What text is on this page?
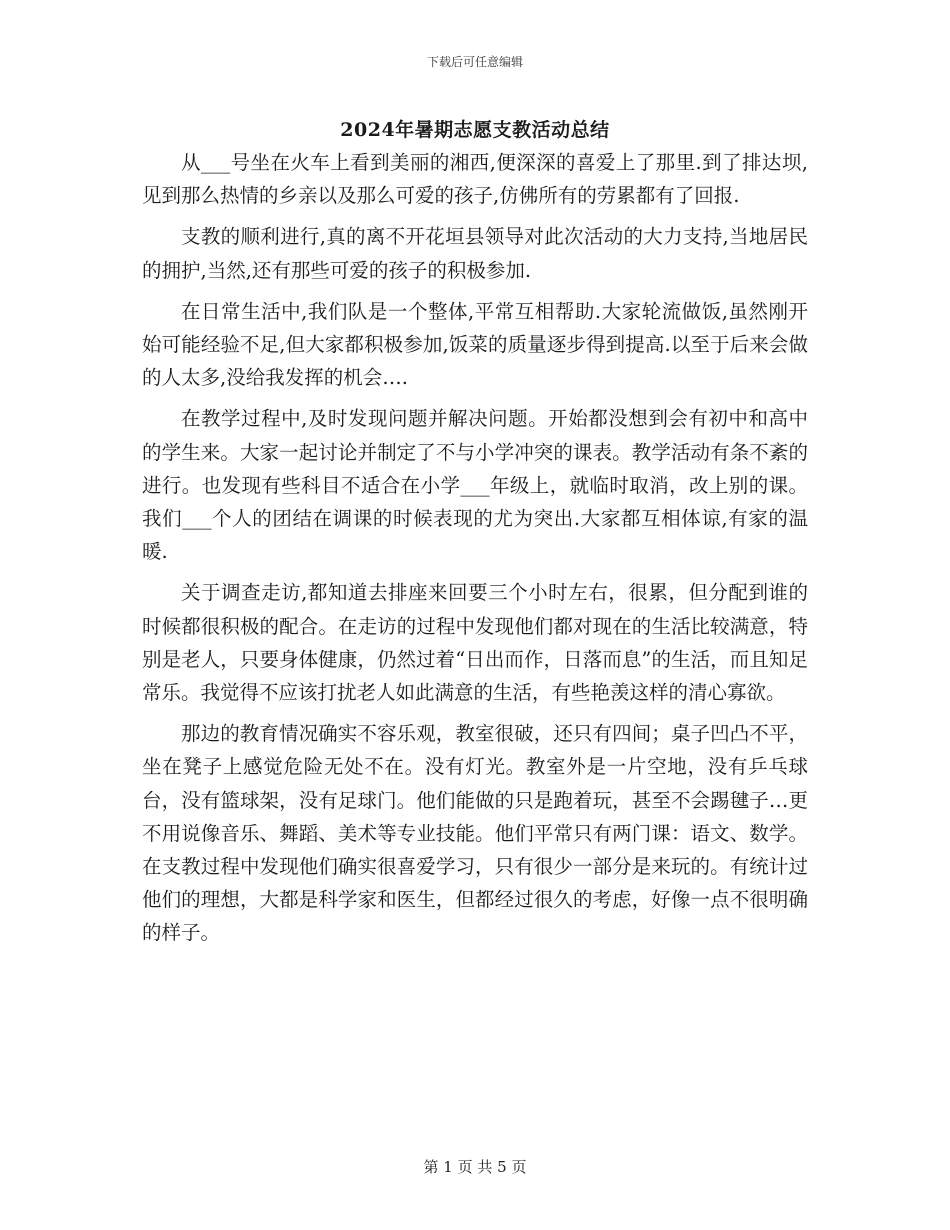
下载后可任意编辑
2024年暑期志愿支教活动总结

从___号坐在火车上看到美丽的湘西,便深深的喜爱上了那里.到了排达坝,见到那么热情的乡亲以及那么可爱的孩子,仿佛所有的劳累都有了回报.

支教的顺利进行,真的离不开花垣县领导对此次活动的大力支持,当地居民的拥护,当然,还有那些可爱的孩子的积极参加.

在日常生活中,我们队是一个整体,平常互相帮助.大家轮流做饭,虽然刚开始可能经验不足,但大家都积极参加,饭菜的质量逐步得到提高.以至于后来会做的人太多,没给我发挥的机会….

在教学过程中,及时发现问题并解决问题。开始都没想到会有初中和高中的学生来。大家一起讨论并制定了不与小学冲突的课表。教学活动有条不紊的进行。也发现有些科目不适合在小学___年级上，就临时取消，改上别的课。我们___个人的团结在调课的时候表现的尤为突出.大家都互相体谅,有家的温暖.

关于调查走访,都知道去排座来回要三个小时左右，很累，但分配到谁的时候都很积极的配合。在走访的过程中发现他们都对现在的生活比较满意，特别是老人，只要身体健康，仍然过着“日出而作，日落而息”的生活，而且知足常乐。我觉得不应该打扰老人如此满意的生活，有些艳羡这样的清心寡欲。

那边的教育情况确实不容乐观，教室很破，还只有四间；桌子凹凸不平，坐在凳子上感觉危险无处不在。没有灯光。教室外是一片空地，没有乒乓球台，没有篮球架，没有足球门。他们能做的只是跑着玩，甚至不会踢毽子…更不用说像音乐、舞蹈、美术等专业技能。他们平常只有两门课：语文、数学。在支教过程中发现他们确实很喜爱学习，只有很少一部分是来玩的。有统计过他们的理想，大都是科学家和医生，但都经过很久的考虑，好像一点不很明确的样子。

第 1 页 共 5 页
